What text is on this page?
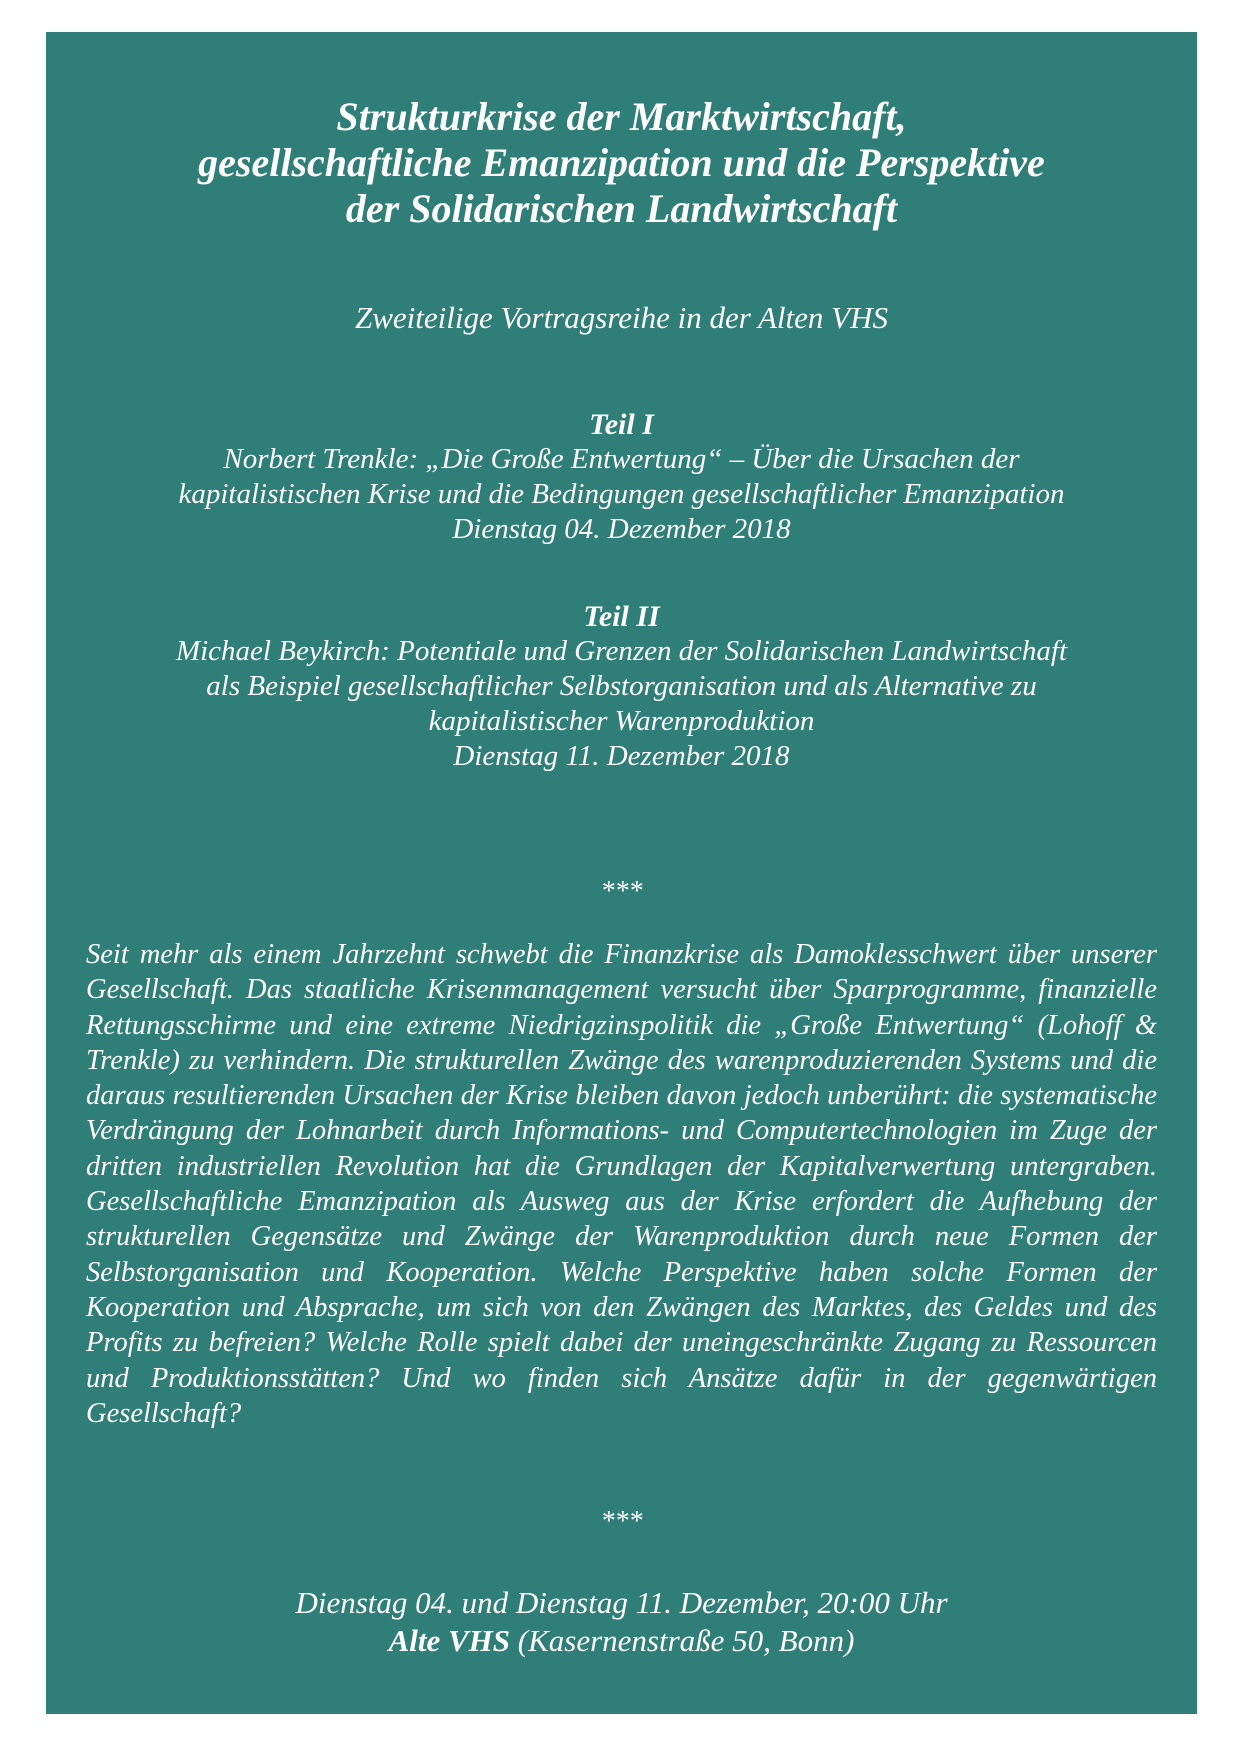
Strukturkrise der Marktwirtschaft,
gesellschaftliche Emanzipation und die Perspektive
der Solidarischen Landwirtschaft
Zweiteilige Vortragsreihe in der Alten VHS
Teil I
Norbert Trenkle: „Die Große Entwertung“ – Über die Ursachen der
kapitalistischen Krise und die Bedingungen gesellschaftlicher Emanzipation
Dienstag 04. Dezember 2018
Teil II
Michael Beykirch: Potentiale und Grenzen der Solidarischen Landwirtschaft
als Beispiel gesellschaftlicher Selbstorganisation und als Alternative zu
kapitalistischer Warenproduktion
Dienstag 11. Dezember 2018
***

Seit mehr als einem Jahrzehnt schwebt die Finanzkrise als Damoklesschwert über unserer Gesellschaft. Das staatliche Krisenmanagement versucht über Sparprogramme, finanzielle Rettungsschirme und eine extreme Niedrigzinspolitik die „Große Entwertung“ (Lohoff & Trenkle) zu verhindern. Die strukturellen Zwänge des warenproduzierenden Systems und die daraus resultierenden Ursachen der Krise bleiben davon jedoch unberührt: die systematische Verdrängung der Lohnarbeit durch Informations- und Computertechnologien im Zuge der dritten industriellen Revolution hat die Grundlagen der Kapitalverwertung untergraben. Gesellschaftliche Emanzipation als Ausweg aus der Krise erfordert die Aufhebung der strukturellen Gegensätze und Zwänge der Warenproduktion durch neue Formen der Selbstorganisation und Kooperation. Welche Perspektive haben solche Formen der Kooperation und Absprache, um sich von den Zwängen des Marktes, des Geldes und des Profits zu befreien? Welche Rolle spielt dabei der uneingeschränkte Zugang zu Ressourcen und Produktionsstätten? Und wo finden sich Ansätze dafür in der gegenwärtigen Gesellschaft?

***
Dienstag 04. und Dienstag 11. Dezember, 20:00 Uhr
Alte VHS (Kasernenstraße 50, Bonn)
